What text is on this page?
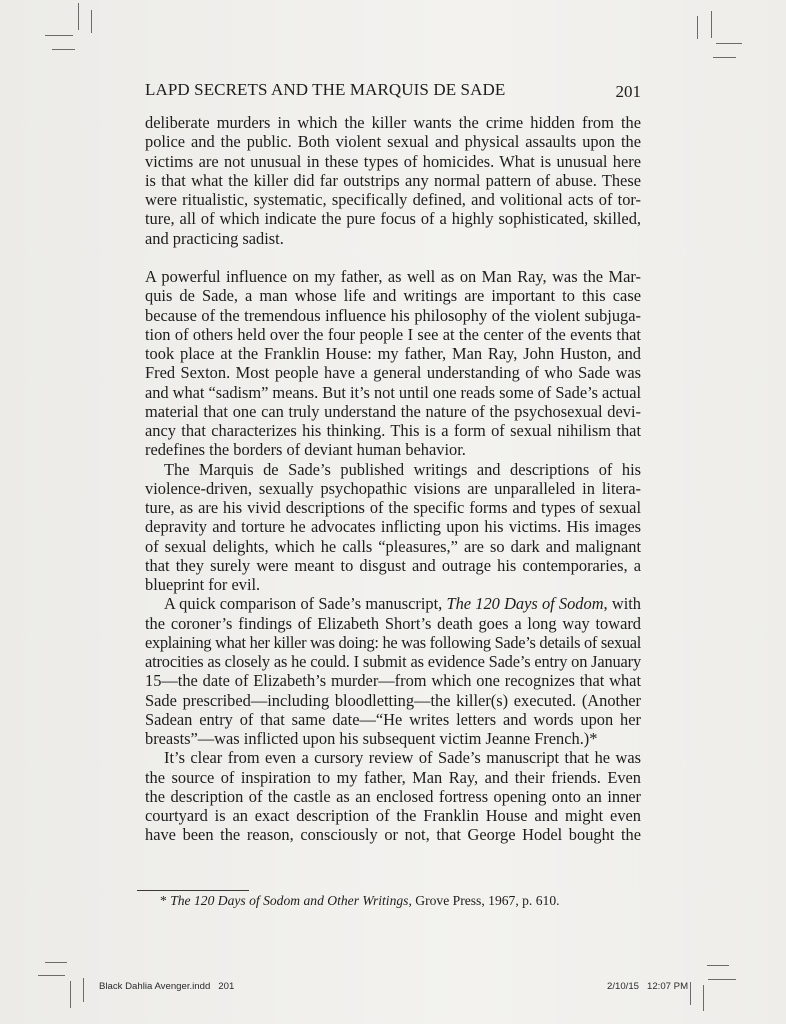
LAPD SECRETS AND THE MARQUIS DE SADE	201
deliberate murders in which the killer wants the crime hidden from the
police and the public. Both violent sexual and physical assaults upon the
victims are not unusual in these types of homicides. What is unusual here
is that what the killer did far outstrips any normal pattern of abuse. These
were ritualistic, systematic, specifically defined, and volitional acts of tor-
ture, all of which indicate the pure focus of a highly sophisticated, skilled,
and practicing sadist.
A powerful influence on my father, as well as on Man Ray, was the Mar-
quis de Sade, a man whose life and writings are important to this case
because of the tremendous influence his philosophy of the violent subjuga-
tion of others held over the four people I see at the center of the events that
took place at the Franklin House: my father, Man Ray, John Huston, and
Fred Sexton. Most people have a general understanding of who Sade was
and what “sadism” means. But it’s not until one reads some of Sade’s actual
material that one can truly understand the nature of the psychosexual devi-
ancy that characterizes his thinking. This is a form of sexual nihilism that
redefines the borders of deviant human behavior.
The Marquis de Sade’s published writings and descriptions of his
violence-driven, sexually psychopathic visions are unparalleled in litera-
ture, as are his vivid descriptions of the specific forms and types of sexual
depravity and torture he advocates inflicting upon his victims. His images
of sexual delights, which he calls “pleasures,” are so dark and malignant
that they surely were meant to disgust and outrage his contemporaries, a
blueprint for evil.
A quick comparison of Sade’s manuscript, The 120 Days of Sodom, with
the coroner’s findings of Elizabeth Short’s death goes a long way toward
explaining what her killer was doing: he was following Sade’s details of sexual
atrocities as closely as he could. I submit as evidence Sade’s entry on January
15—the date of Elizabeth’s murder—from which one recognizes that what
Sade prescribed—including bloodletting—the killer(s) executed. (Another
Sadean entry of that same date—“He writes letters and words upon her
breasts”—was inflicted upon his subsequent victim Jeanne French.)*
It’s clear from even a cursory review of Sade’s manuscript that he was
the source of inspiration to my father, Man Ray, and their friends. Even
the description of the castle as an enclosed fortress opening onto an inner
courtyard is an exact description of the Franklin House and might even
have been the reason, consciously or not, that George Hodel bought the
* The 120 Days of Sodom and Other Writings, Grove Press, 1967, p. 610.
Black Dahlia Avenger.indd   201	2/10/15   12:07 PM
